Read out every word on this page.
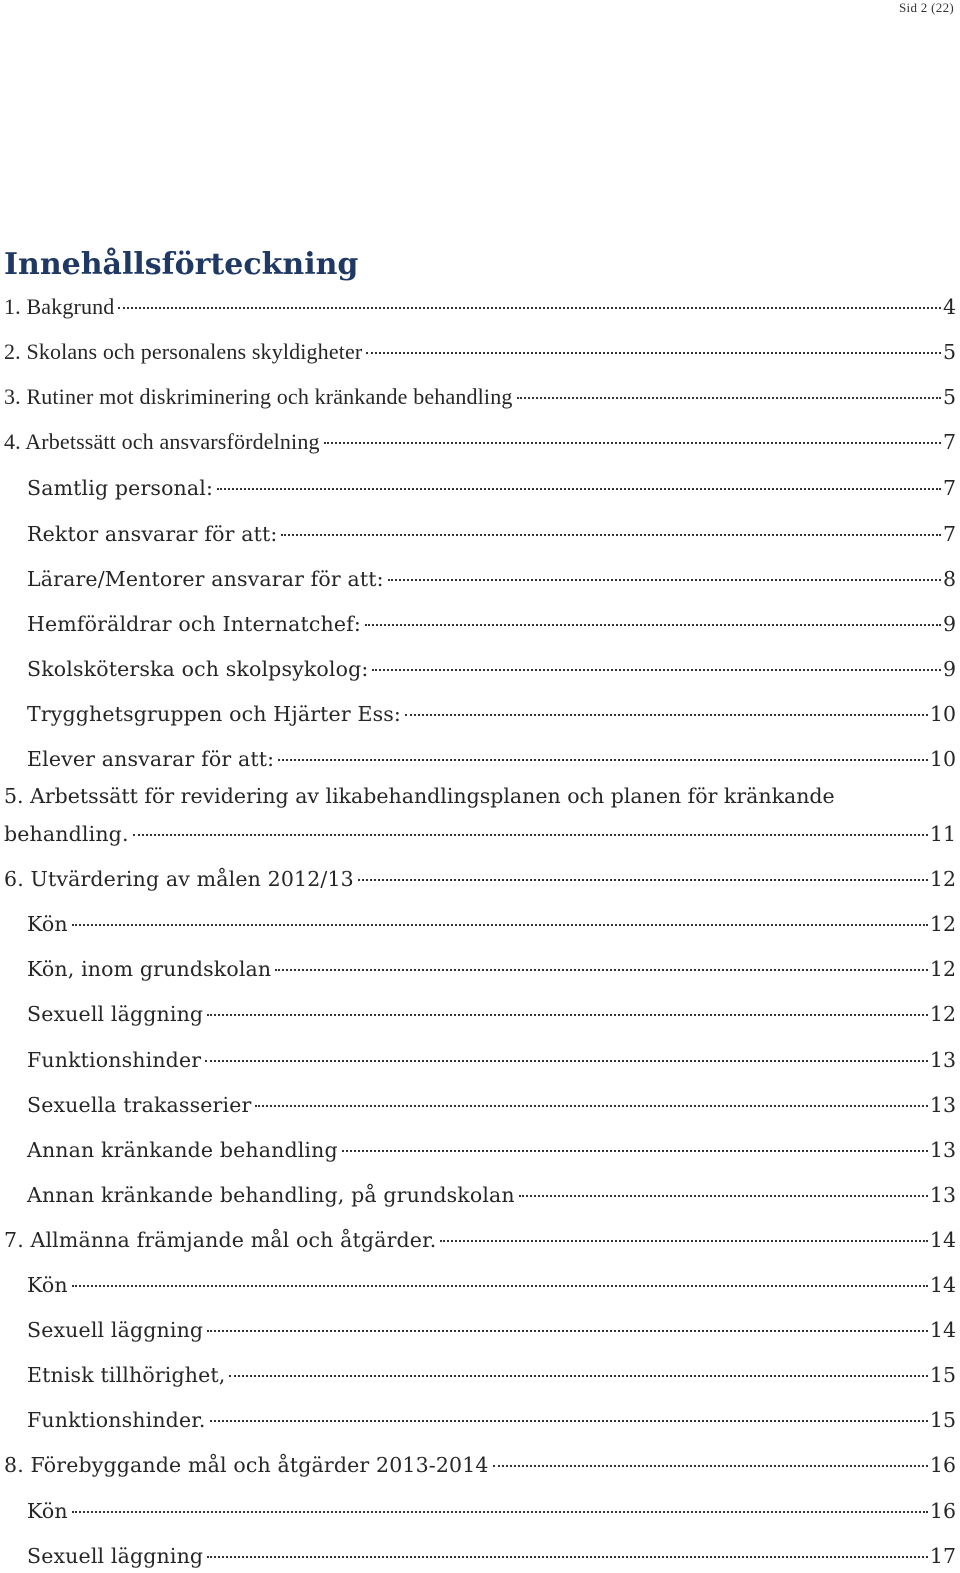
Sid 2 (22)
Innehållsförteckning
1. Bakgrund	4
2. Skolans och personalens skyldigheter	5
3. Rutiner mot diskriminering och kränkande behandling	5
4. Arbetssätt och ansvarsfördelning	7
Samtlig personal:	7
Rektor ansvarar för att:	7
Lärare/Mentorer ansvarar för att:	8
Hemföräldrar och Internatchef:	9
Skolsköterska och skolpsykolog:	9
Trygghetsgruppen och Hjärter Ess:	10
Elever ansvarar för att:	10
5. Arbetssätt för revidering av likabehandlingsplanen och planen för kränkande
behandling.	11
6. Utvärdering av målen 2012/13	12
Kön	12
Kön, inom grundskolan	12
Sexuell läggning	12
Funktionshinder	13
Sexuella trakasserier	13
Annan kränkande behandling	13
Annan kränkande behandling, på grundskolan	13
7. Allmänna främjande mål och åtgärder.	14
Kön	14
Sexuell läggning	14
Etnisk tillhörighet,	15
Funktionshinder.	15
8. Förebyggande mål och åtgärder 2013-2014	16
Kön	16
Sexuell läggning	17
